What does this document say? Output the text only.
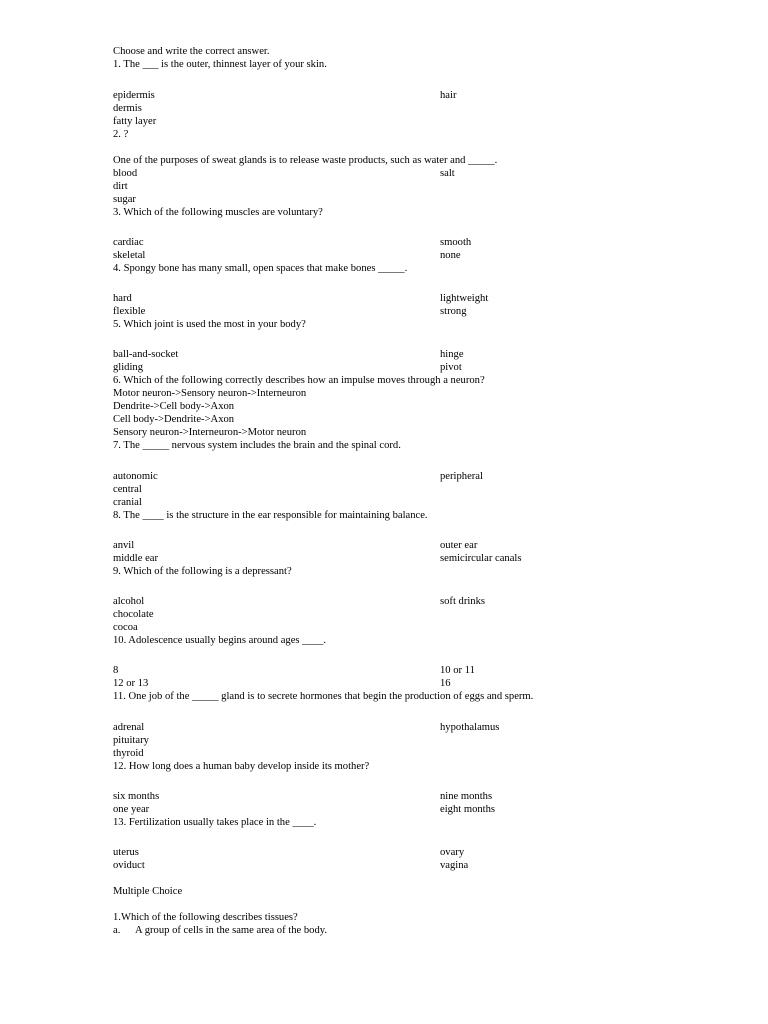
Choose and write the correct answer.
1. The ___ is the outer, thinnest layer of your skin.
epidermis	hair
dermis
fatty layer
2. ?
One of the purposes of sweat glands is to release waste products, such as water and _____.
blood	salt
dirt
sugar
3. Which of the following muscles are voluntary?
cardiac	smooth
skeletal	none
4. Spongy bone has many small, open spaces that make bones _____.
hard	lightweight
flexible	strong
5. Which joint is used the most in your body?
ball-and-socket	hinge
gliding	pivot
6. Which of the following correctly describes how an impulse moves through a neuron?
Motor neuron->Sensory neuron->Interneuron
Dendrite->Cell body->Axon
Cell body->Dendrite->Axon
Sensory neuron->Interneuron->Motor neuron
7. The _____ nervous system includes the brain and the spinal cord.
autonomic	peripheral
central
cranial
8. The ____ is the structure in the ear responsible for maintaining balance.
anvil	outer ear
middle ear	semicircular canals
9. Which of the following is a depressant?
alcohol	soft drinks
chocolate
cocoa
10. Adolescence usually begins around ages ____.
8	10 or 11
12 or 13	16
11. One job of the _____ gland is to secrete hormones that begin the production of eggs and sperm.
adrenal	hypothalamus
pituitary
thyroid
12. How long does a human baby develop inside its mother?
six months	nine months
one year	eight months
13. Fertilization usually takes place in the ____.
uterus	ovary
oviduct	vagina
Multiple Choice
1.Which of the following describes tissues?
a. A group of cells in the same area of the body.
